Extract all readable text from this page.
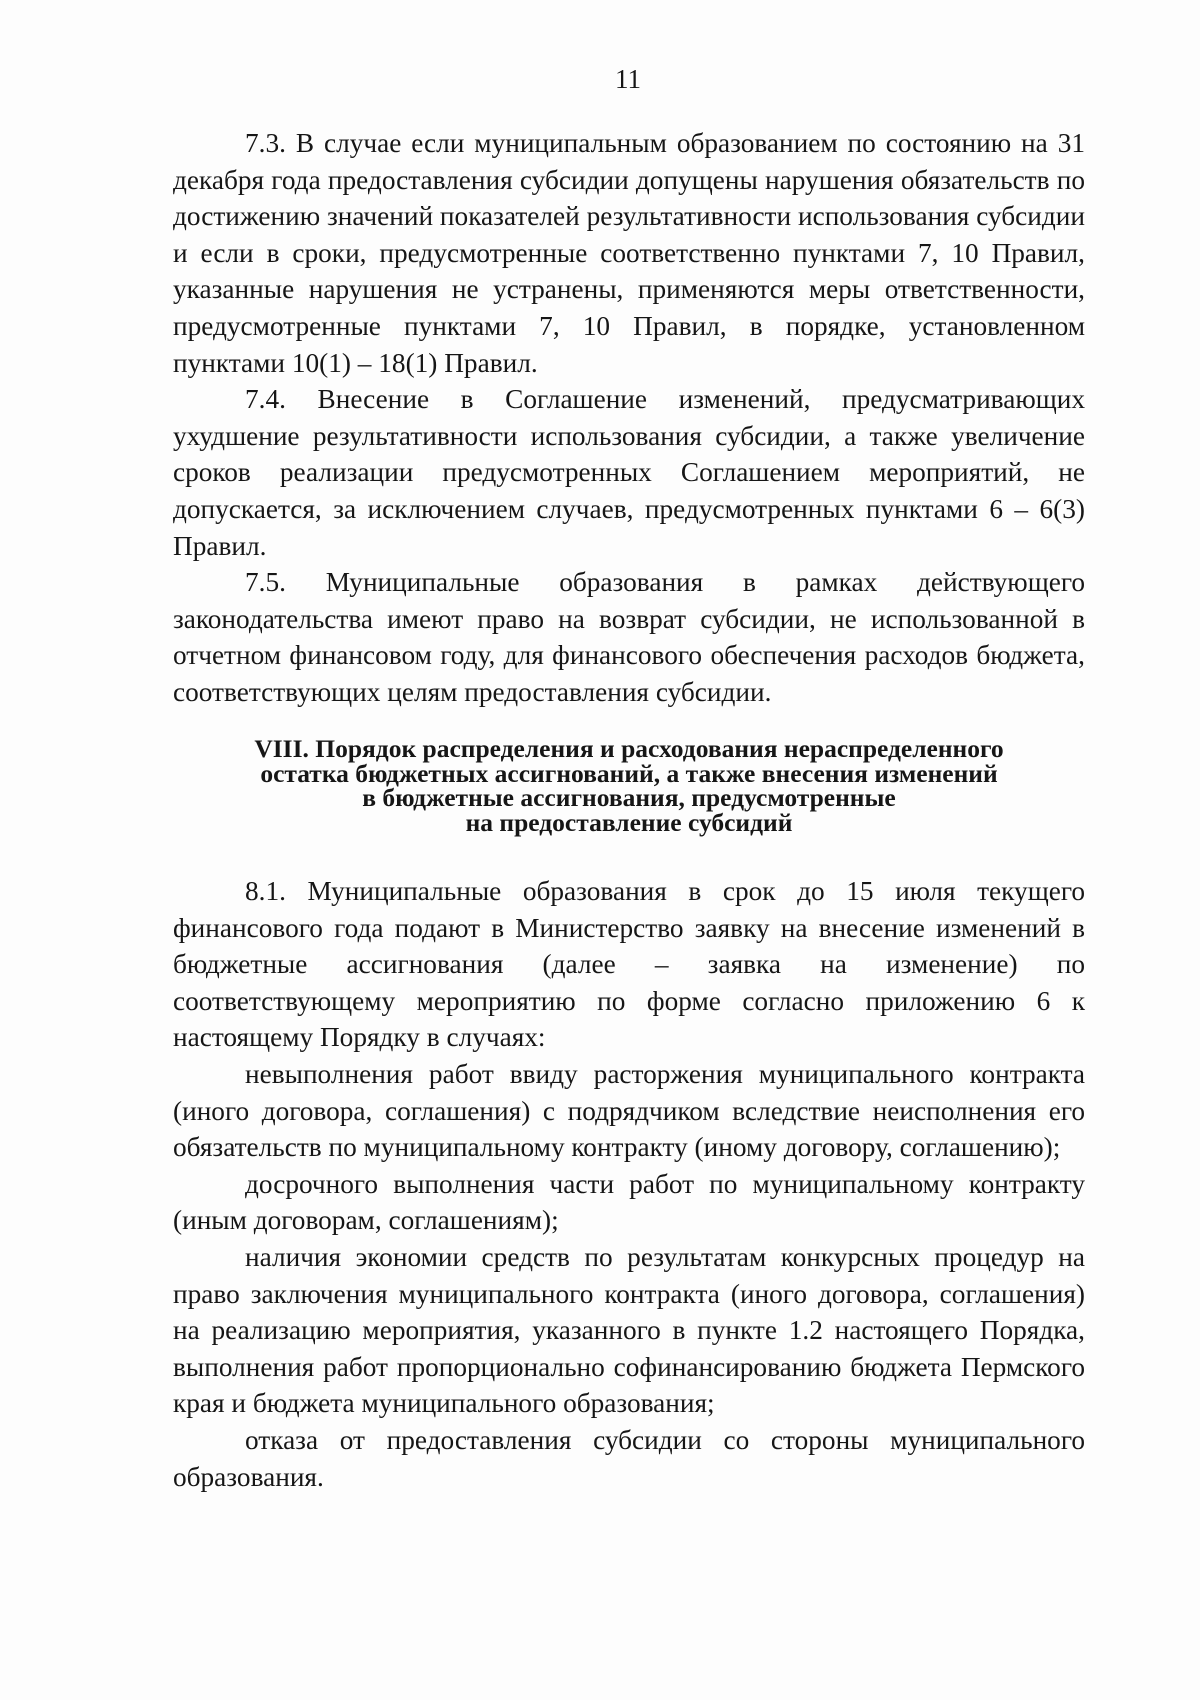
11

7.3. В случае если муниципальным образованием по состоянию на 31 декабря года предоставления субсидии допущены нарушения обязательств по достижению значений показателей результативности использования субсидии и если в сроки, предусмотренные соответственно пунктами 7, 10 Правил, указанные нарушения не устранены, применяются меры ответственности, предусмотренные пунктами 7, 10 Правил, в порядке, установленном пунктами 10(1) – 18(1) Правил.

7.4. Внесение в Соглашение изменений, предусматривающих ухудшение результативности использования субсидии, а также увеличение сроков реализации предусмотренных Соглашением мероприятий, не допускается, за исключением случаев, предусмотренных пунктами 6 – 6(3) Правил.

7.5. Муниципальные образования в рамках действующего законодательства имеют право на возврат субсидии, не использованной в отчетном финансовом году, для финансового обеспечения расходов бюджета, соответствующих целям предоставления субсидии.

VIII. Порядок распределения и расходования нераспределенного
остатка бюджетных ассигнований, а также внесения изменений
в бюджетные ассигнования, предусмотренные
на предоставление субсидий

8.1. Муниципальные образования в срок до 15 июля текущего финансового года подают в Министерство заявку на внесение изменений в бюджетные ассигнования (далее – заявка на изменение) по соответствующему мероприятию по форме согласно приложению 6 к настоящему Порядку в случаях:

невыполнения работ ввиду расторжения муниципального контракта (иного договора, соглашения) с подрядчиком вследствие неисполнения его обязательств по муниципальному контракту (иному договору, соглашению);

досрочного выполнения части работ по муниципальному контракту (иным договорам, соглашениям);

наличия экономии средств по результатам конкурсных процедур на право заключения муниципального контракта (иного договора, соглашения) на реализацию мероприятия, указанного в пункте 1.2 настоящего Порядка, выполнения работ пропорционально софинансированию бюджета Пермского края и бюджета муниципального образования;

отказа от предоставления субсидии со стороны муниципального образования.
